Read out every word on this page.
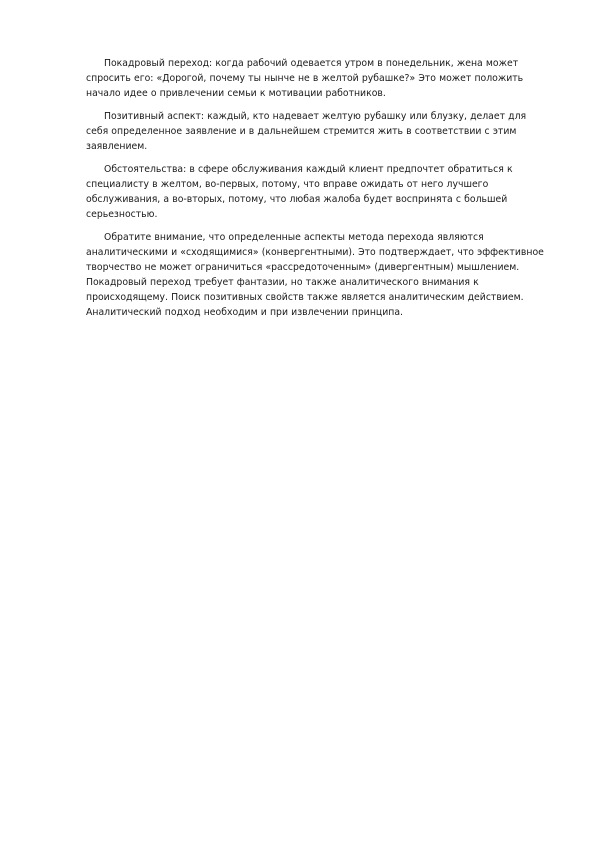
Покадровый переход: когда рабочий одевается утром в понедельник, жена может спросить его: «Дорогой, почему ты нынче не в желтой рубашке?» Это может положить начало идее о привлечении семьи к мотивации работников.

Позитивный аспект: каждый, кто надевает желтую рубашку или блузку, делает для себя определенное заявление и в дальнейшем стремится жить в соответствии с этим заявлением.

Обстоятельства: в сфере обслуживания каждый клиент предпочтет обратиться к специалисту в желтом, во-первых, потому, что вправе ожидать от него лучшего обслуживания, а во-вторых, потому, что любая жалоба будет воспринята с большей серьезностью.

Обратите внимание, что определенные аспекты метода перехода являются аналитическими и «сходящимися» (конвергентными). Это подтверждает, что эффективное творчество не может ограничиться «рассредоточенным» (дивергентным) мышлением. Покадровый переход требует фантазии, но также аналитического внимания к происходящему. Поиск позитивных свойств также является аналитическим действием. Аналитический подход необходим и при извлечении принципа.
